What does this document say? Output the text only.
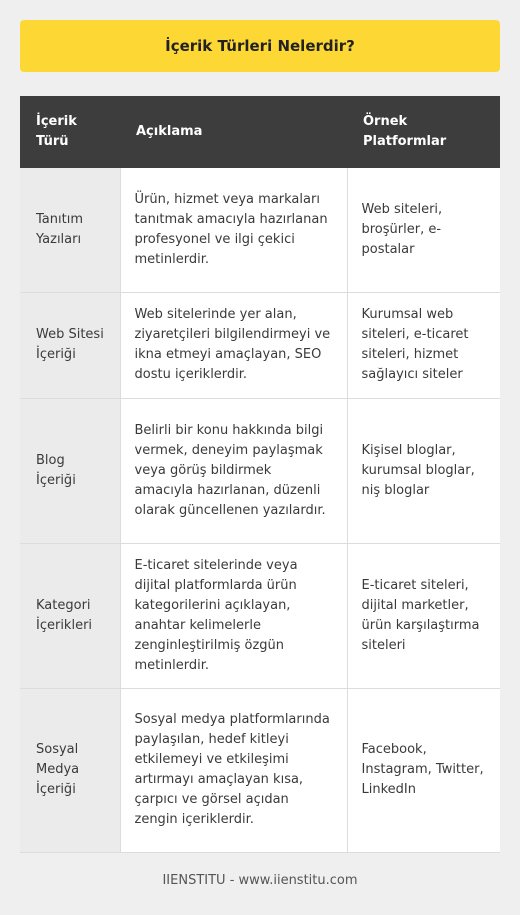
İçerik Türleri Nelerdir?
İçerik Türü	Açıklama	Örnek Platformlar
Tanıtım Yazıları	Ürün, hizmet veya markaları tanıtmak amacıyla hazırlanan profesyonel ve ilgi çekici metinlerdir.	Web siteleri, broşürler, e-postalar
Web Sitesi İçeriği	Web sitelerinde yer alan, ziyaretçileri bilgilendirmeyi ve ikna etmeyi amaçlayan, SEO dostu içeriklerdir.	Kurumsal web siteleri, e-ticaret siteleri, hizmet sağlayıcı siteler
Blog İçeriği	Belirli bir konu hakkında bilgi vermek, deneyim paylaşmak veya görüş bildirmek amacıyla hazırlanan, düzenli olarak güncellenen yazılardır.	Kişisel bloglar, kurumsal bloglar, niş bloglar
Kategori İçerikleri	E-ticaret sitelerinde veya dijital platformlarda ürün kategorilerini açıklayan, anahtar kelimelerle zenginleştirilmiş özgün metinlerdir.	E-ticaret siteleri, dijital marketler, ürün karşılaştırma siteleri
Sosyal Medya İçeriği	Sosyal medya platformlarında paylaşılan, hedef kitleyi etkilemeyi ve etkileşimi artırmayı amaçlayan kısa, çarpıcı ve görsel açıdan zengin içeriklerdir.	Facebook, Instagram, Twitter, LinkedIn
IIENSTITU - www.iienstitu.com
